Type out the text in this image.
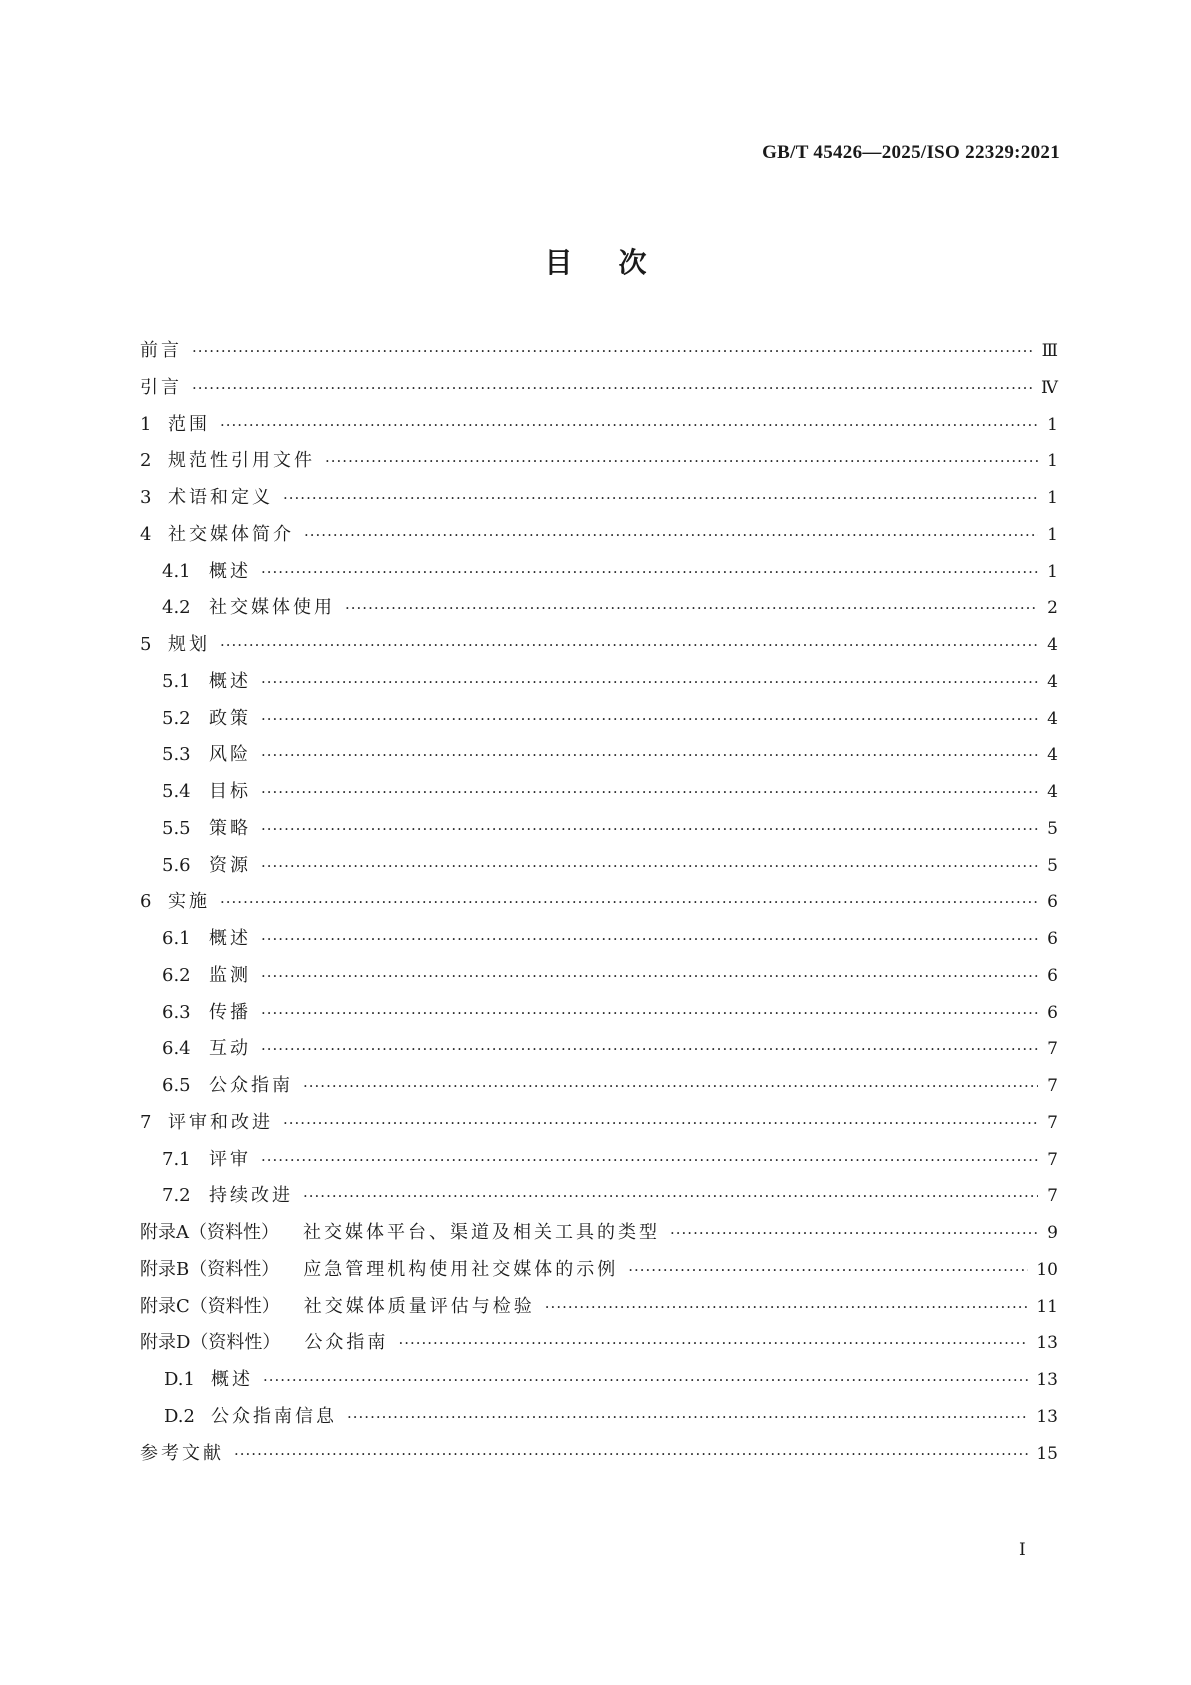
GB/T 45426—2025/ISO 22329:2021
目次
前言 ·····	Ⅲ
引言 ·····	Ⅳ
1 范围 ·····	1
2 规范性引用文件 ·····	1
3 术语和定义 ·····	1
4 社交媒体简介 ·····	1
4.1	概述 ·····	1
4.2	社交媒体使用 ·····	2
5 规划 ·····	4
5.1	概述 ·····	4
5.2	政策 ·····	4
5.3	风险 ·····	4
5.4	目标 ·····	4
5.5	策略 ·····	5
5.6	资源 ·····	5
6 实施 ·····	6
6.1	概述 ·····	6
6.2	监测 ·····	6
6.3	传播 ·····	6
6.4	互动 ·····	7
6.5	公众指南 ·····	7
7 评审和改进 ·····	7
7.1	评审 ·····	7
7.2	持续改进 ·····	7
附录A（资料性）	社交媒体平台、渠道及相关工具的类型 ·····	9
附录B（资料性）	应急管理机构使用社交媒体的示例 ·····	10
附录C（资料性）	社交媒体质量评估与检验 ·····	11
附录D（资料性）	公众指南 ·····	13
D.1 概述 ·····	13
D.2 公众指南信息 ·····	13
参考文献 ·····	15
I
